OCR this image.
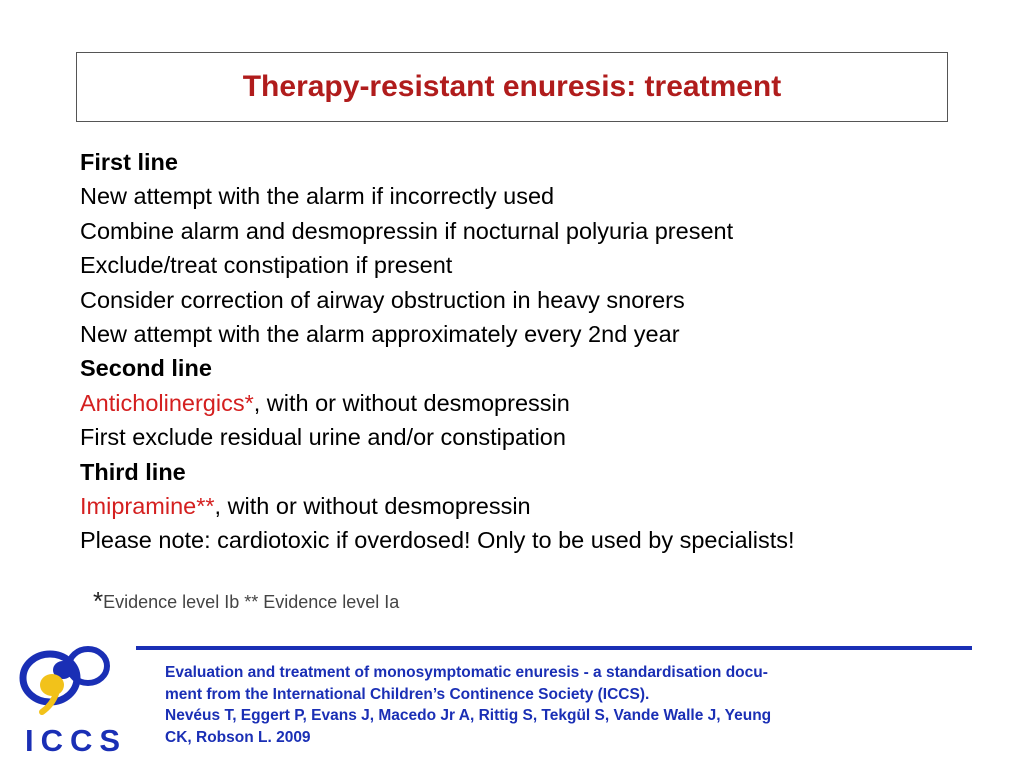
Therapy-resistant enuresis: treatment
First line
New attempt with the alarm if incorrectly used
Combine alarm and desmopressin if nocturnal polyuria present
Exclude/treat constipation if present
Consider correction of airway obstruction in heavy snorers
New attempt with the alarm approximately every 2nd year
Second line
Anticholinergics*, with or without desmopressin
First exclude residual urine and/or constipation
Third line
Imipramine**, with or without desmopressin
Please note: cardiotoxic if overdosed! Only to be used by specialists!
*Evidence level Ib ** Evidence level Ia
ICCS
Evaluation and treatment of monosymptomatic enuresis - a standardisation docu-
ment from the International Children’s Continence Society (ICCS).
Nevéus T, Eggert P, Evans J, Macedo Jr A, Rittig S, Tekgül S, Vande Walle J, Yeung
CK, Robson L. 2009
